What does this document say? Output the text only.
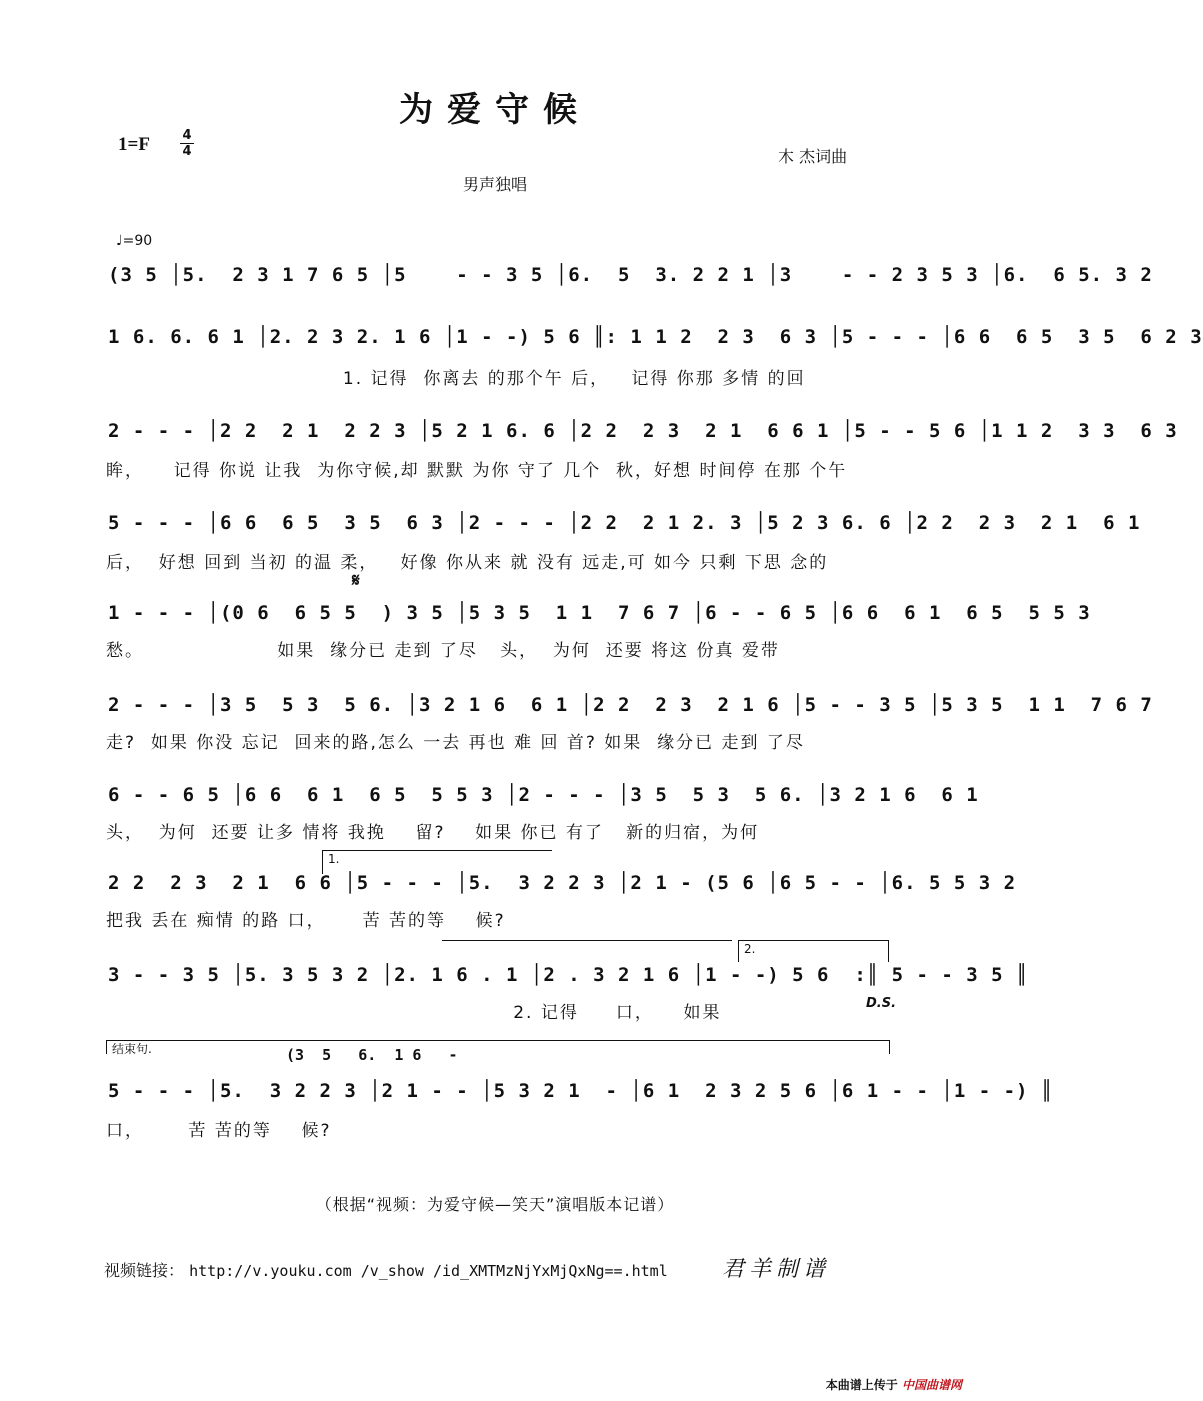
为爱守候
1=F	4
4	木 杰词曲
男声独唱
♩=90
(3 5 │5.  2 3 1 7 6 5 │5    - - 3 5 │6.  5  3. 2 2 1 │3    - - 2 3 5 3 │6.  6 5. 3 2
1 6. 6. 6 1 │2. 2 3 2. 1 6 │1 - -) 5 6 ║: 1 1 2  2 3  6 3 │5 - - - │6 6  6 5  3 5  6 2 3
1. 记得  你离去 的那个午 后，   记得 你那 多情 的回
2 - - - │2 2  2 1  2 2 3 │5 2 1 6. 6 │2 2  2 3  2 1  6 6 1 │5 - - 5 6 │1 1 2  3 3  6 3
眸，    记得 你说 让我  为你守候,却 默默 为你 守了 几个  秋，好想 时间停 在那 个午
5 - - - │6 6  6 5  3 5  6 3 │2 - - - │2 2  2 1 2. 3 │5 2 3 6. 6 │2 2  2 3  2 1  6 1
后，  好想 回到 当初 的温 柔，   好像 你从来 就 没有 远走,可 如今 只剩 下思 念的
𝄋
1 - - - │(0 6  6 5 5  ) 3 5 │5 3 5  1 1  7 6 7 │6 - - 6 5 │6 6  6 1  6 5  5 5 3
愁。                  如果  缘分已 走到 了尽   头，  为何  还要 将这 份真 爱带
2 - - - │3 5  5 3  5 6. │3 2 1 6  6 1 │2 2  2 3  2 1 6 │5 - - 3 5 │5 3 5  1 1  7 6 7
走?  如果 你没 忘记  回来的路,怎么 一去 再也 难 回 首? 如果  缘分已 走到 了尽
6 - - 6 5 │6 6  6 1  6 5  5 5 3 │2 - - - │3 5  5 3  5 6. │3 2 1 6  6 1
头，  为何  还要 让多 情将 我挽    留?    如果 你已 有了   新的归宿，为何
1.
2 2  2 3  2 1  6 6 │5 - - - │5.  3 2 2 3 │2 1 - (5 6 │6 5 - - │6. 5 5 3 2
把我 丢在 痴情 的路 口，     苦 苦的等    候?
2.
3 - - 3 5 │5. 3 5 3 2 │2. 1 6 . 1 │2 . 3 2 1 6 │1 - -) 5 6  :║ 5 - - 3 5 ║
2. 记得     口，    如果	D.S.
结束句.	(3  5   6.  1 6   -
5 - - - │5.  3 2 2 3 │2 1 - - │5 3 2 1  - │6 1  2 3 2 5 6 │6 1 - - │1 - -) ║
口，      苦 苦的等    候?
（根据“视频：为爱守候—笑天”演唱版本记谱）
视频链接： http://v.youku.com /v_show /id_XMTMzNjYxMjQxNg==.html 君羊制谱
本曲谱上传于 中国曲谱网
